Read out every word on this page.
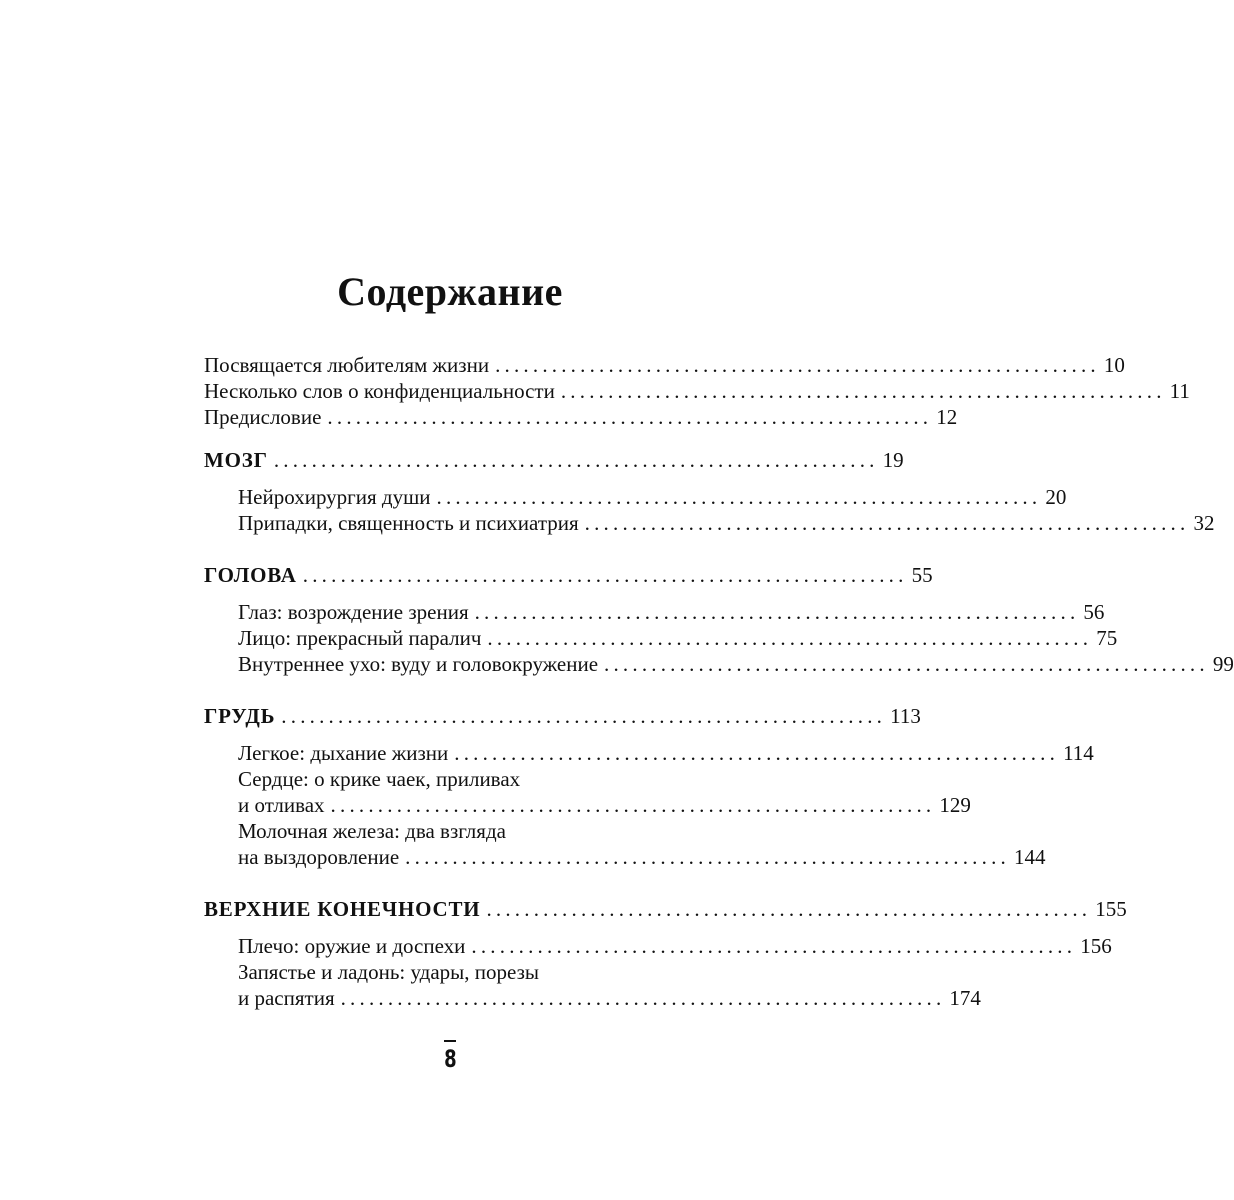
Содержание
Посвящается любителям жизни ................................................................ 10
Несколько слов о конфиденциальности ................................................................ 11
Предисловие ................................................................ 12
МОЗГ ................................................................ 19
Нейрохирургия души ................................................................ 20
Припадки, священность и психиатрия ................................................................ 32
ГОЛОВА ................................................................ 55
Глаз: возрождение зрения ................................................................ 56
Лицо: прекрасный паралич ................................................................ 75
Внутреннее ухо: вуду и головокружение ................................................................ 99
ГРУДЬ ................................................................ 113
Легкое: дыхание жизни ................................................................ 114
Сердце: о крике чаек, приливах
и отливах ................................................................ 129
Молочная железа: два взгляда
на выздоровление ................................................................ 144
ВЕРХНИЕ КОНЕЧНОСТИ ................................................................ 155
Плечо: оружие и доспехи ................................................................ 156
Запястье и ладонь: удары, порезы
и распятия ................................................................ 174
8
